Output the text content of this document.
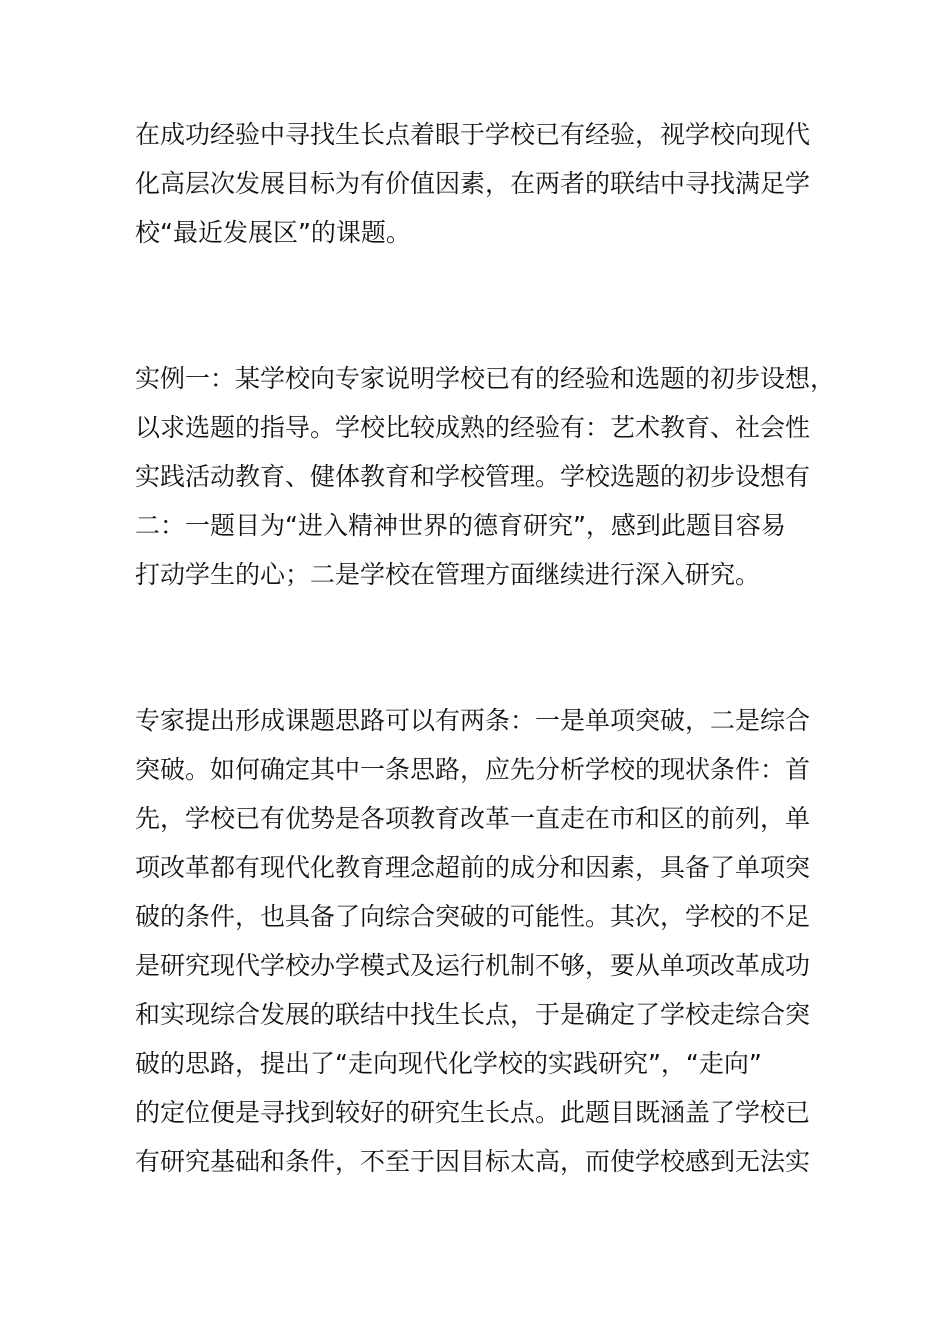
在成功经验中寻找生长点着眼于学校已有经验，视学校向现代
化高层次发展目标为有价值因素，在两者的联结中寻找满足学
校“最近发展区”的课题。
实例一：某学校向专家说明学校已有的经验和选题的初步设想，
以求选题的指导。学校比较成熟的经验有：艺术教育、社会性
实践活动教育、健体教育和学校管理。学校选题的初步设想有
二：一题目为“进入精神世界的德育研究”，感到此题目容易
打动学生的心；二是学校在管理方面继续进行深入研究。
专家提出形成课题思路可以有两条：一是单项突破，二是综合
突破。如何确定其中一条思路，应先分析学校的现状条件：首
先，学校已有优势是各项教育改革一直走在市和区的前列，单
项改革都有现代化教育理念超前的成分和因素，具备了单项突
破的条件，也具备了向综合突破的可能性。其次，学校的不足
是研究现代学校办学模式及运行机制不够，要从单项改革成功
和实现综合发展的联结中找生长点，于是确定了学校走综合突
破的思路，提出了“走向现代化学校的实践研究”，“走向”
的定位便是寻找到较好的研究生长点。此题目既涵盖了学校已
有研究基础和条件，不至于因目标太高，而使学校感到无法实
